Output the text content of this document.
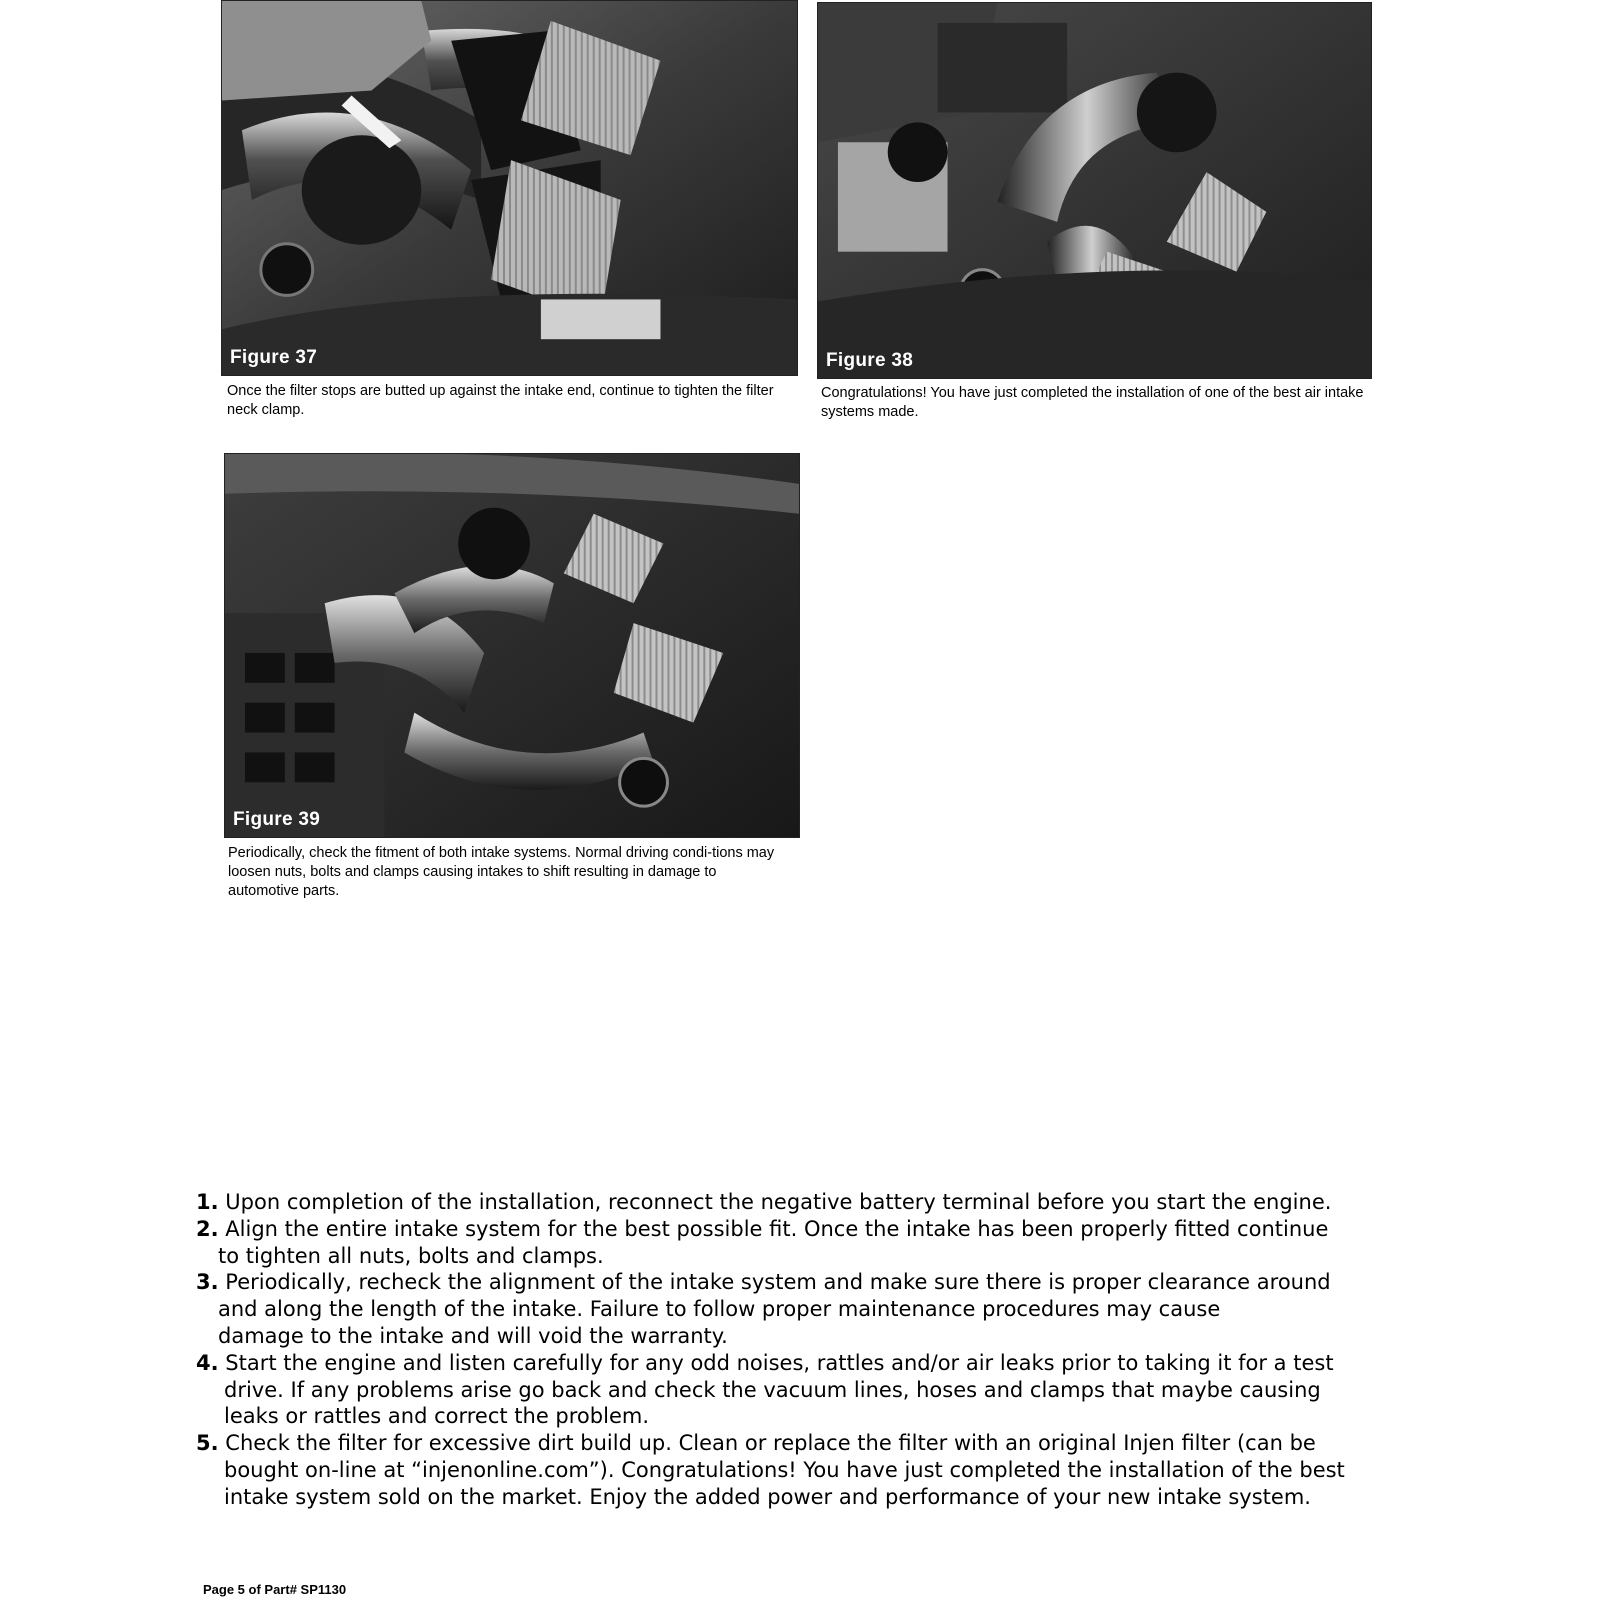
Figure 37
Once the filter stops are butted up against the intake end, continue to tighten the filter neck clamp.
Figure 38
Congratulations! You have just completed the installation of one of the best air intake systems made.
Figure 39
Periodically, check the fitment of both intake systems. Normal driving condi-tions may loosen nuts, bolts and clamps causing intakes to shift resulting in damage to automotive parts.
1. Upon completion of the installation, reconnect the negative battery terminal before you start the engine.
2. Align the entire intake system for the best possible fit. Once the intake has been properly fitted continue
to tighten all nuts, bolts and clamps.
3. Periodically, recheck the alignment of the intake system and make sure there is proper clearance around
and along the length of the intake. Failure to follow proper maintenance procedures may cause
damage to the intake and will void the warranty.
4. Start the engine and listen carefully for any odd noises, rattles and/or air leaks prior to taking it for a test
drive. If any problems arise go back and check the vacuum lines, hoses and clamps that maybe causing
leaks or rattles and correct the problem.
5. Check the filter for excessive dirt build up. Clean or replace the filter with an original Injen filter (can be
bought on-line at “injenonline.com”). Congratulations! You have just completed the installation of the best
intake system sold on the market. Enjoy the added power and performance of your new intake system.
Page 5 of Part# SP1130
